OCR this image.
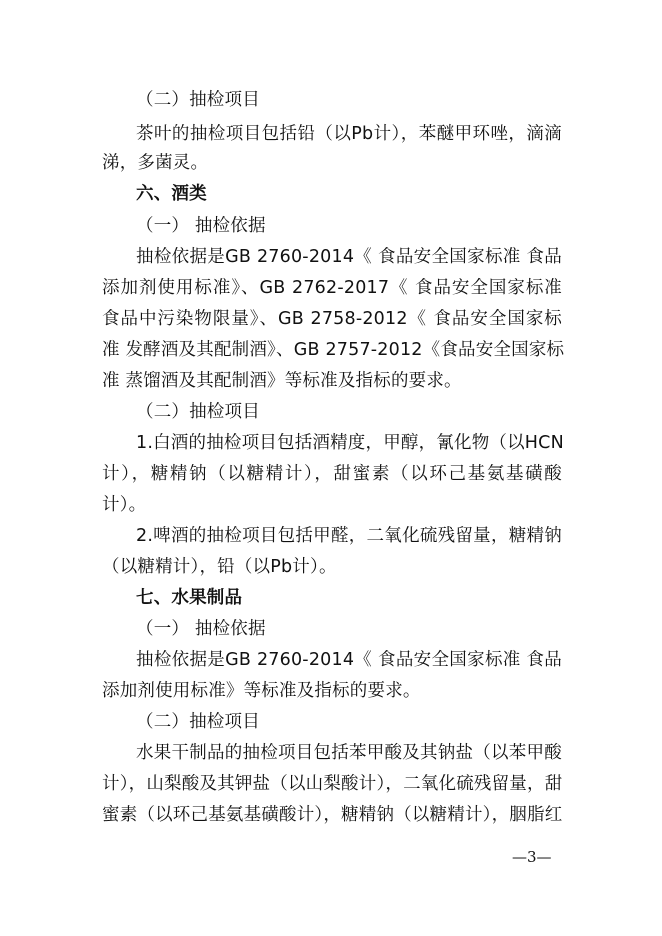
（二）抽检项目
茶叶的抽检项目包括铅（以Pb计），苯醚甲环唑，滴滴
涕，多菌灵。
六、酒类
（一） 抽检依据
抽检依据是GB 2760-2014《 食品安全国家标准 食品
添加剂使用标准》、GB 2762-2017《 食品安全国家标准
食品中污染物限量》、GB 2758-2012《 食品安全国家标
准 发酵酒及其配制酒》、GB 2757-2012《食品安全国家标
准 蒸馏酒及其配制酒》等标准及指标的要求。
（二）抽检项目
1.白酒的抽检项目包括酒精度，甲醇，氰化物（以HCN
计），糖精钠（以糖精计），甜蜜素（以环己基氨基磺酸
计）。
2.啤酒的抽检项目包括甲醛，二氧化硫残留量，糖精钠
（以糖精计），铅（以Pb计）。
七、水果制品
（一） 抽检依据
抽检依据是GB 2760-2014《 食品安全国家标准 食品
添加剂使用标准》等标准及指标的要求。
（二）抽检项目
水果干制品的抽检项目包括苯甲酸及其钠盐（以苯甲酸
计），山梨酸及其钾盐（以山梨酸计），二氧化硫残留量，甜
蜜素（以环己基氨基磺酸计），糖精钠（以糖精计），胭脂红
—3—
